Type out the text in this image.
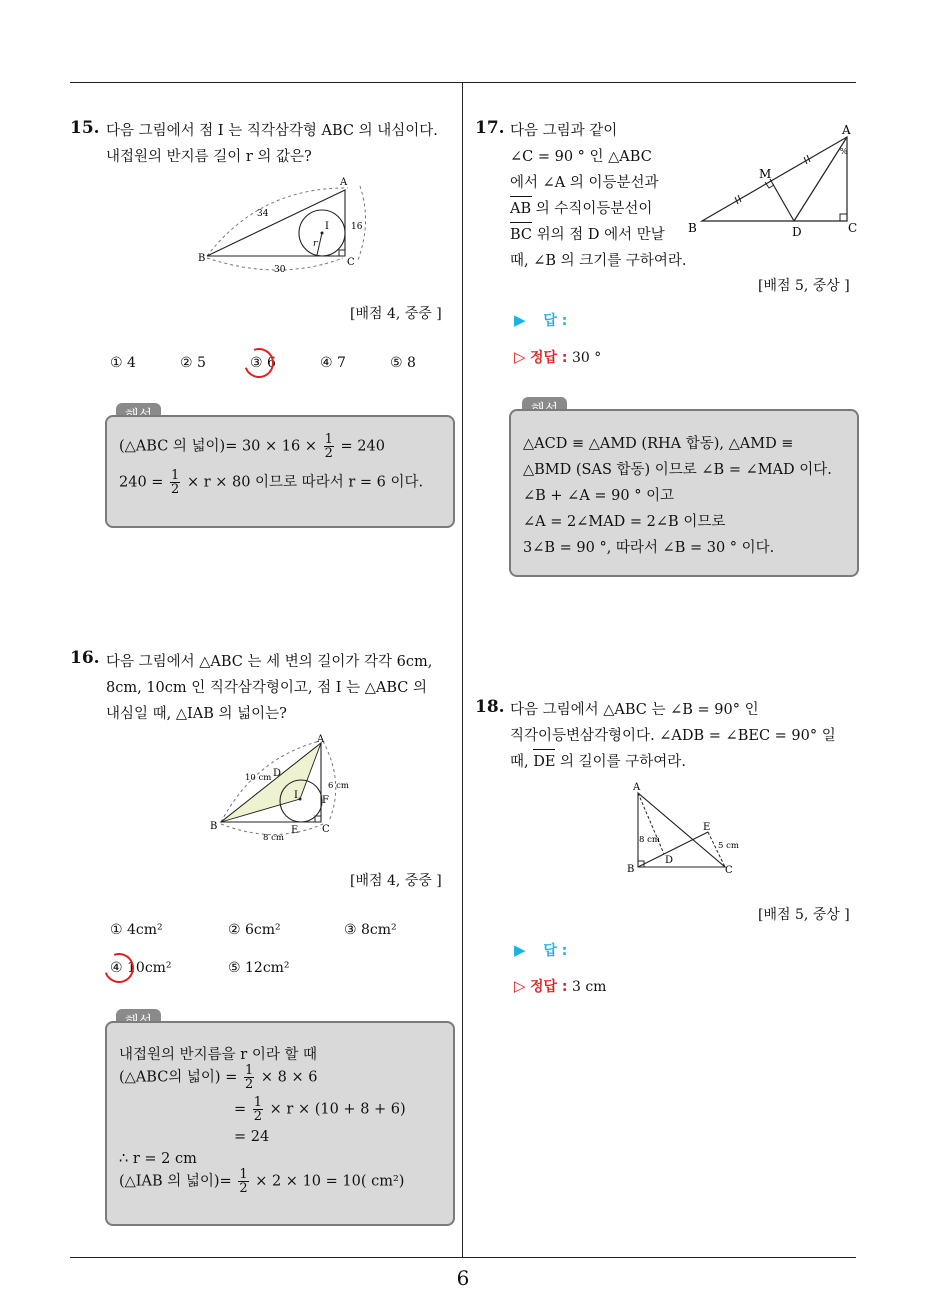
15. 다음 그림에서 점 I 는 직각삼각형 ABC 의 내심이다.
내접원의 반지름 길이 r 의 값은?
A
B	C
I
r
34
16
30
[배점 4, 중중 ]
① 4	② 5	③ 6	④ 7	⑤ 8
(△ABC 의 넓이)= $30 \times 16 \times \frac{1}{2} = 240$
$240 = \frac{1}{2} \times r \times 80$ 이므로 따라서 r = 6 이다.
16. 다음 그림에서 △ABC 는 세 변의 길이가 각각 6cm,
8cm, 10cm 인 직각삼각형이고, 점 I 는 △ABC 의
내심일 때, △IAB 의 넓이는?
A
B	C
D
E
F
I
10 cm
6 cm
8 cm
[배점 4, 중중 ]
① 4cm²	② 6cm²	③ 8cm²
④ 10cm²	⑤ 12cm²
내접원의 반지름을 r 이라 할 때
(△ABC의 넓이) = $\frac{1}{2} \times 8 \times 6$
= $\frac{1}{2} \times r \times (10 + 8 + 6)$
= 24
∴ r = 2 cm
(△IAB 의 넓이)= $\frac{1}{2} \times 2 \times 10 = 10$( cm²)
17. 다음 그림과 같이
∠C = 90 ° 인 △ABC
에서 ∠A 의 이등분선과
AB 의 수직이등분선이
BC 위의 점 D 에서 만날
때, ∠B 의 크기를 구하여라.
%
A
B	C
D
M
[배점 5, 중상 ]
▶ 답 :
▷ 정답 : 30 °
△ACD ≡ △AMD (RHA 합동), △AMD ≡
△BMD (SAS 합동) 이므로 ∠B = ∠MAD 이다.
∠B + ∠A = 90 ° 이고
∠A = 2∠MAD = 2∠B 이므로
3∠B = 90 °, 따라서 ∠B = 30 ° 이다.
18. 다음 그림에서 △ABC 는 ∠B = 90° 인
직각이등변삼각형이다. ∠ADB = ∠BEC = 90° 일
때, DE 의 길이를 구하여라.
A
B	C
D
E
8 cm
5 cm
[배점 5, 중상 ]
▶ 답 :
▷ 정답 : 3 cm
6
